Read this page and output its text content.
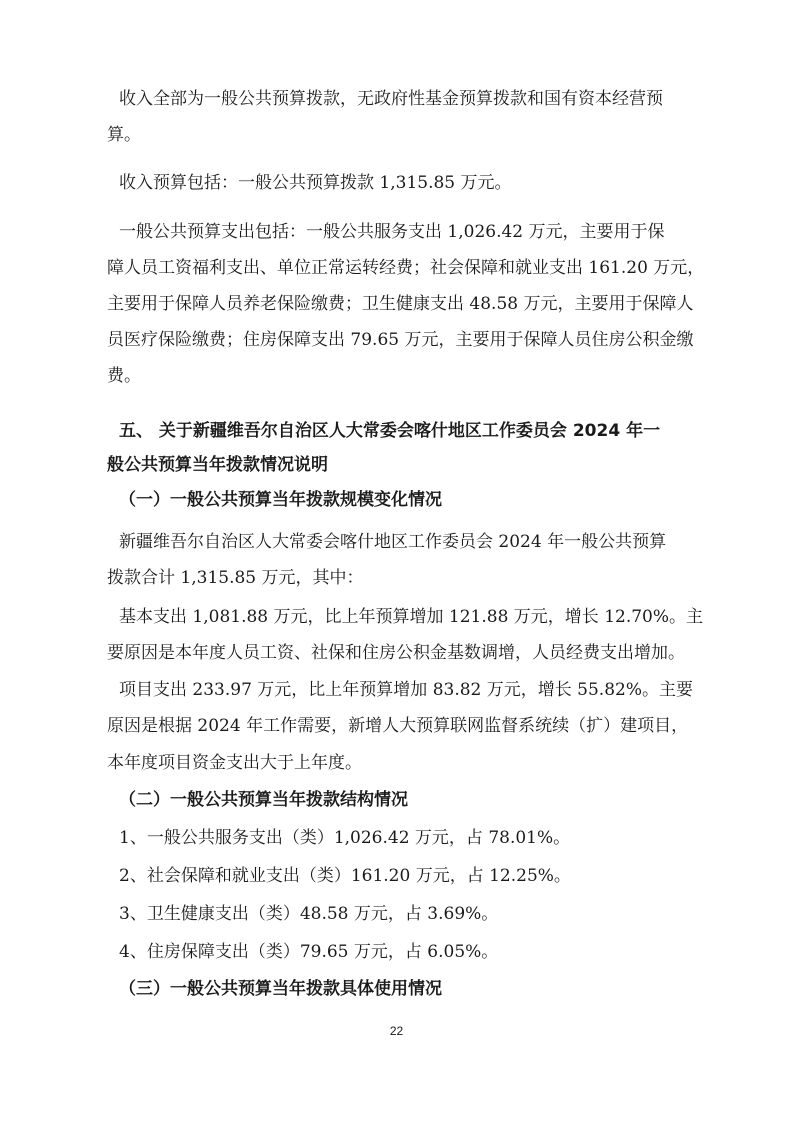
收入全部为一般公共预算拨款，无政府性基金预算拨款和国有资本经营预
算。
收入预算包括：一般公共预算拨款 1,315.85 万元。
一般公共预算支出包括：一般公共服务支出 1,026.42 万元，主要用于保
障人员工资福利支出、单位正常运转经费；社会保障和就业支出 161.20 万元，
主要用于保障人员养老保险缴费；卫生健康支出 48.58 万元，主要用于保障人
员医疗保险缴费；住房保障支出 79.65 万元，主要用于保障人员住房公积金缴
费。
五、 关于新疆维吾尔自治区人大常委会喀什地区工作委员会 2024 年一
般公共预算当年拨款情况说明
（一）一般公共预算当年拨款规模变化情况
新疆维吾尔自治区人大常委会喀什地区工作委员会 2024 年一般公共预算
拨款合计 1,315.85 万元，其中：
基本支出 1,081.88 万元，比上年预算增加 121.88 万元，增长 12.70%。主
要原因是本年度人员工资、社保和住房公积金基数调增，人员经费支出增加。
项目支出 233.97 万元，比上年预算增加 83.82 万元，增长 55.82%。主要
原因是根据 2024 年工作需要，新增人大预算联网监督系统续（扩）建项目，
本年度项目资金支出大于上年度。
（二）一般公共预算当年拨款结构情况
1、一般公共服务支出（类）1,026.42 万元，占 78.01%。
2、社会保障和就业支出（类）161.20 万元，占 12.25%。
3、卫生健康支出（类）48.58 万元，占 3.69%。
4、住房保障支出（类）79.65 万元，占 6.05%。
（三）一般公共预算当年拨款具体使用情况
22
